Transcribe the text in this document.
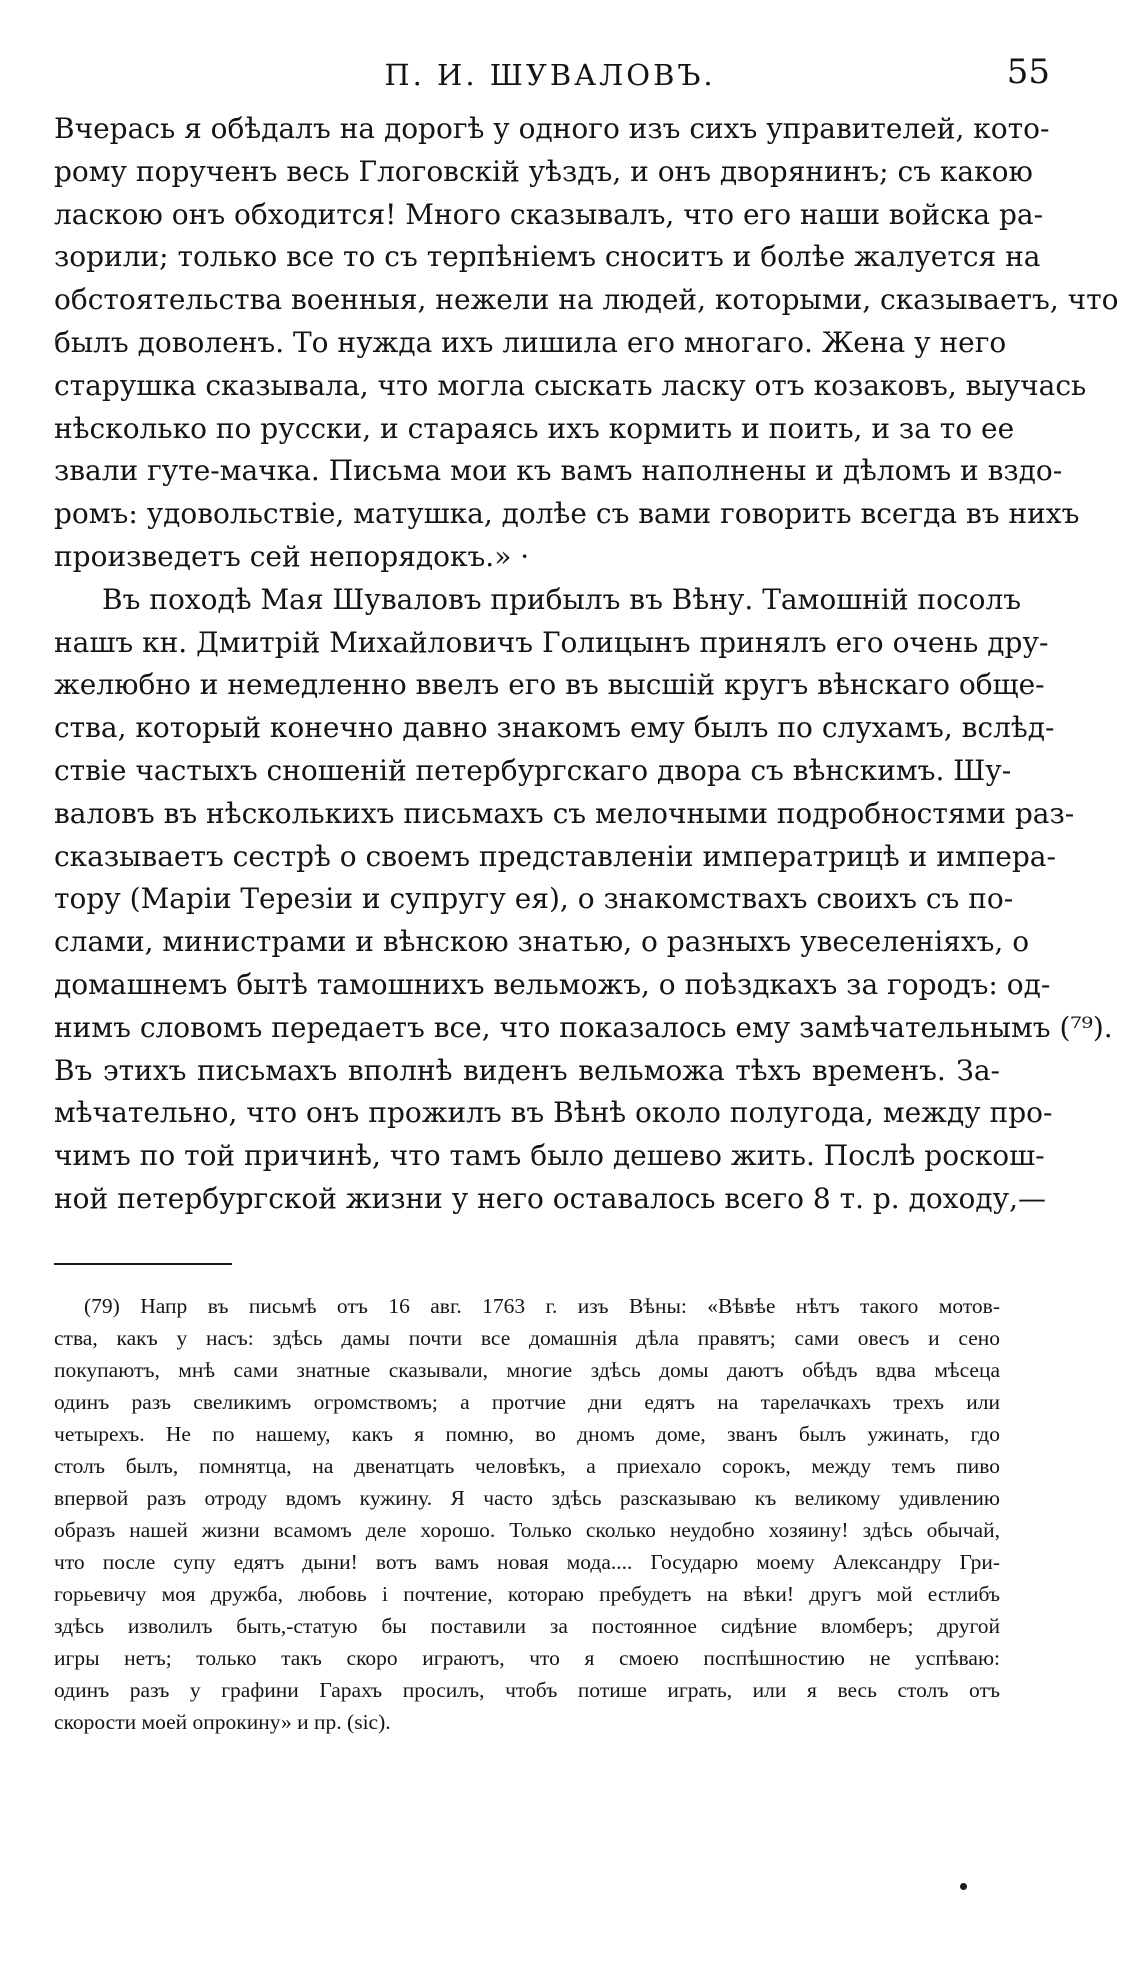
П. И. ШУВАЛОВЪ.	55
Вчерась я обѣдалъ на дорогѣ у одного изъ сихъ управителей, кото-
рому порученъ весь Глоговскій уѣздъ, и онъ дворянинъ; съ какою
ласкою онъ обходится! Много сказывалъ, что его наши войска ра-
зорили; только все то съ терпѣніемъ сноситъ и болѣе жалуется на
обстоятельства военныя, нежели на людей, которыми, сказываетъ, что
былъ доволенъ. То нужда ихъ лишила его многаго. Жена у него
старушка сказывала, что могла сыскать ласку отъ козаковъ, выучась
нѣсколько по русски, и стараясь ихъ кормить и поить, и за то ее
звали гуте-мачка. Письма мои къ вамъ наполнены и дѣломъ и вздо-
ромъ: удовольствіе, матушка, долѣе съ вами говорить всегда въ нихъ
произведетъ сей непорядокъ.» ·
Въ походѣ Мая Шуваловъ прибылъ въ Вѣну. Тамошній посолъ
нашъ кн. Дмитрій Михайловичъ Голицынъ принялъ его очень дру-
желюбно и немедленно ввелъ его въ высшій кругъ вѣнскаго обще-
ства, который конечно давно знакомъ ему былъ по слухамъ, вслѣд-
ствіе частыхъ сношеній петербургскаго двора съ вѣнскимъ. Шу-
валовъ въ нѣсколькихъ письмахъ съ мелочными подробностями раз-
сказываетъ сестрѣ о своемъ представленіи императрицѣ и импера-
тору (Маріи Терезіи и супругу ея), о знакомствахъ своихъ съ по-
слами, министрами и вѣнскою знатью, о разныхъ увеселеніяхъ, о
домашнемъ бытѣ тамошнихъ вельможъ, о поѣздкахъ за городъ: од-
нимъ словомъ передаетъ все, что показалось ему замѣчательнымъ (⁷⁹).
Въ этихъ письмахъ вполнѣ виденъ вельможа тѣхъ временъ. За-
мѣчательно, что онъ прожилъ въ Вѣнѣ около полугода, между про-
чимъ по той причинѣ, что тамъ было дешево жить. Послѣ роскош-
ной петербургской жизни у него оставалось всего 8 т. р. доходу,—
(79) Напр въ письмѣ отъ 16 авг. 1763 г. изъ Вѣны: «Вѣвѣе нѣтъ такого мотов-
ства, какъ у насъ: здѣсь дамы почти все домашнія дѣла правятъ; сами овесъ и сено
покупаютъ, мнѣ сами знатные сказывали, многие здѣсь домы даютъ обѣдъ вдва мѣсеца
одинъ разъ свеликимъ огромствомъ; а протчие дни едятъ на тарелачкахъ трехъ или
четырехъ. Не по нашему, какъ я помню, во дномъ доме, званъ былъ ужинать, гдо
столъ былъ, помнятца, на двенатцать человѣкъ, а приехало сорокъ, между темъ пиво
впервой разъ отроду вдомъ кужину. Я часто здѣсь разсказываю къ великому удивлению
образъ нашей жизни всамомъ деле хорошо. Только сколько неудобно хозяину! здѣсь обычай,
что после супу едятъ дыни! вотъ вамъ новая мода.... Государю моему Александру Гри-
горьевичу моя дружба, любовь і почтение, котораю пребудетъ на вѣки! другъ мой естлибъ
здѣсь изволилъ быть,-статую бы поставили за постоянное сидѣние вломберъ; другой
игры нетъ; только такъ скоро играютъ, что я смоею поспѣшностию не успѣваю:
одинъ разъ у графини Гарахъ просилъ, чтобъ потише играть, или я весь столъ отъ
скорости моей опрокину» и пр. (sic).
